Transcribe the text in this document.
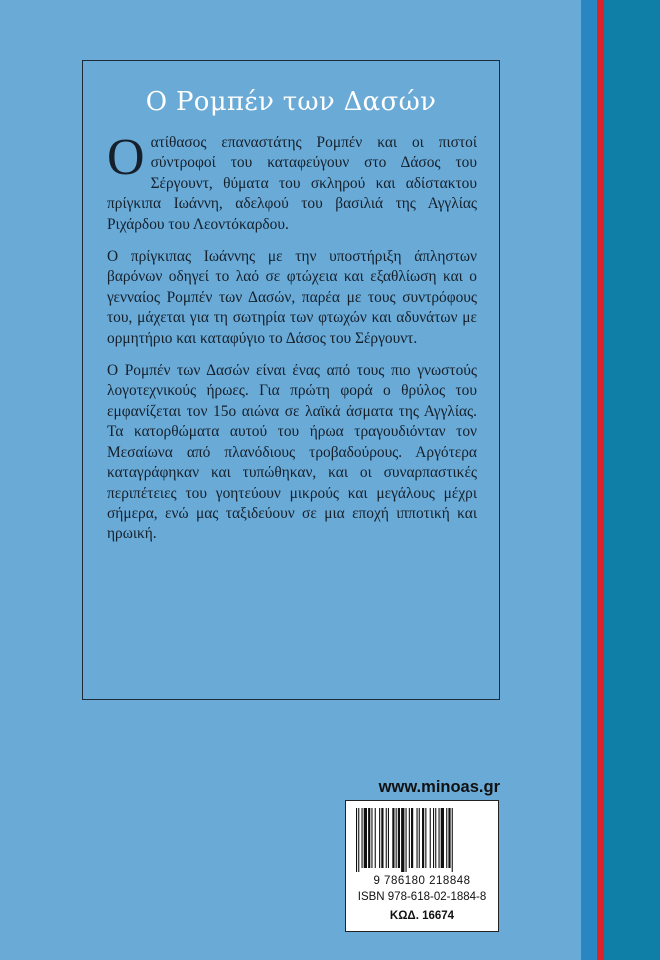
Ο Ρομπέν των Δασών

Οατίθασος επαναστάτης Ρομπέν και οι πιστοί σύντροφοί του καταφεύγουν στο Δάσος του Σέργουντ, θύματα του σκληρού και αδίστακτου πρίγκιπα Ιωάννη, αδελφού του βασιλιά της Αγγλίας Ριχάρδου του Λεοντόκαρδου.

Ο πρίγκιπας Ιωάννης με την υποστήριξη άπληστων βαρόνων οδηγεί το λαό σε φτώχεια και εξαθλίωση και ο γενναίος Ρομπέν των Δασών, παρέα με τους συντρόφους του, μάχεται για τη σωτηρία των φτωχών και αδυνάτων με ορμητήριο και καταφύγιο το Δάσος του Σέργουντ.

Ο Ρομπέν των Δασών είναι ένας από τους πιο γνωστούς λογοτεχνικούς ήρωες. Για πρώτη φορά ο θρύλος του εμφανίζεται τον 15ο αιώνα σε λαϊκά άσματα της Αγγλίας. Τα κατορθώματα αυτού του ήρωα τραγουδιόνταν τον Μεσαίωνα από πλανόδιους τροβαδούρους. Αργότερα καταγράφηκαν και τυπώθηκαν, και οι συναρπαστικές περιπέτειες του γοητεύουν μικρούς και μεγάλους μέχρι σήμερα, ενώ μας ταξιδεύουν σε μια εποχή ιπποτική και ηρωική.

www.minoas.gr
9 786180 218848
ISBN 978-618-02-1884-8
ΚΩΔ. 16674
